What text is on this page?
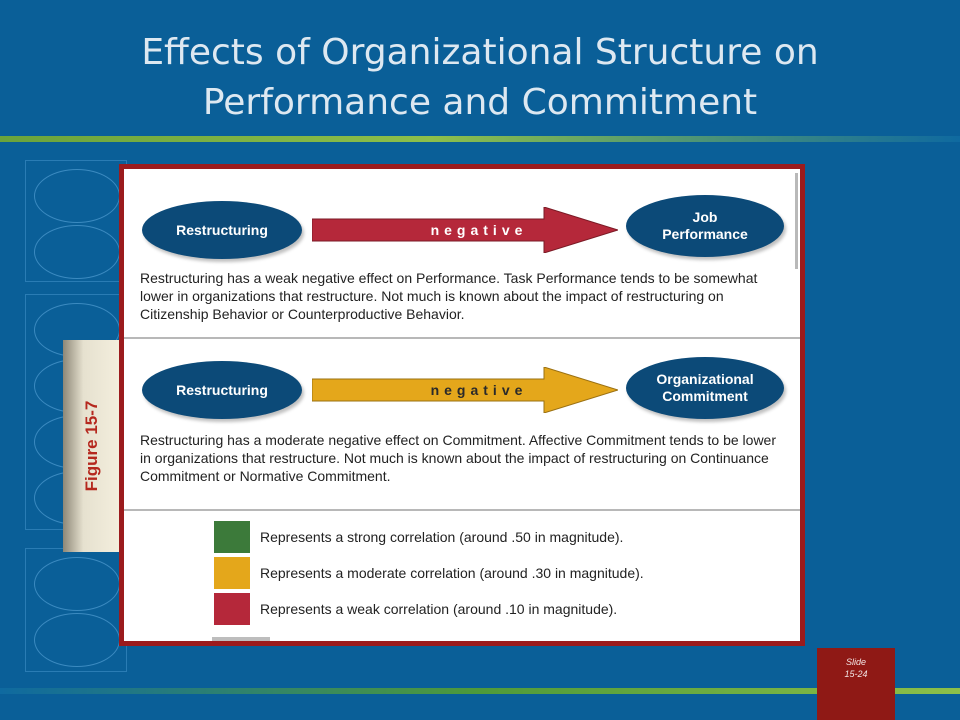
Effects of Organizational Structure on
Performance and Commitment
Figure 15-7
Restructuring	negative
Job
Performance

Restructuring has a weak negative effect on Performance. Task Performance tends to be somewhat lower in organizations that restructure. Not much is known about the impact of restructuring on Citizenship Behavior or Counterproductive Behavior.

Restructuring	negative
Organizational
Commitment

Restructuring has a moderate negative effect on Commitment. Affective Commitment tends to be lower in organizations that restructure. Not much is known about the impact of restructuring on Continuance Commitment or Normative Commitment.

Represents a strong correlation (around .50 in magnitude).
Represents a moderate correlation (around .30 in magnitude).
Represents a weak correlation (around .10 in magnitude).
Slide
15-24
